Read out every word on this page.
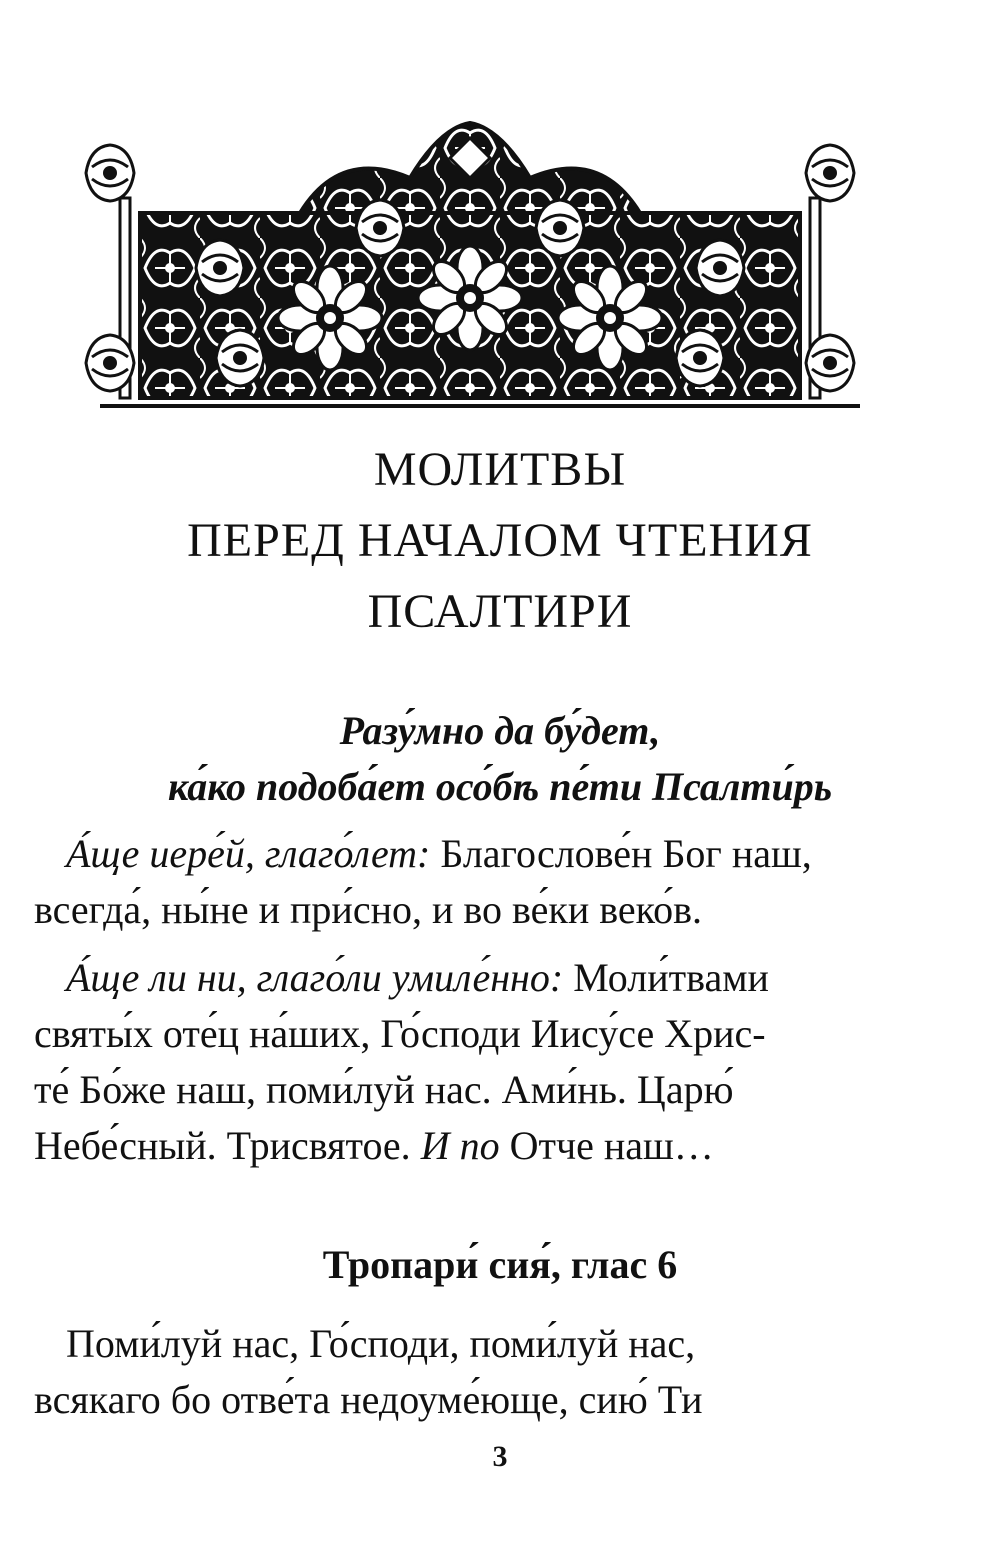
МОЛИТВЫ
ПЕРЕД НАЧАЛОМ ЧТЕНИЯ
ПСАЛТИРИ
Разу́мно да бу́дет,
ка́ко подоба́ет осо́бѣ пе́ти Псалти́рь
А́ще иере́й, глаго́лет: Благослове́н Бог наш,
всегда́, ны́не и при́сно, и во ве́ки веко́в.
А́ще ли ни, глаго́ли умиле́нно: Моли́твами
святы́х оте́ц на́ших, Го́споди Иису́се Хрис-
те́ Бо́же наш, поми́луй нас. Ами́нь. Царю́
Небе́сный. Трисвятое. И по Отче наш…
Тропари́ сия́, глас 6
Поми́луй нас, Го́споди, поми́луй нас,
всякаго бо отве́та недоуме́юще, сию́ Ти
3
